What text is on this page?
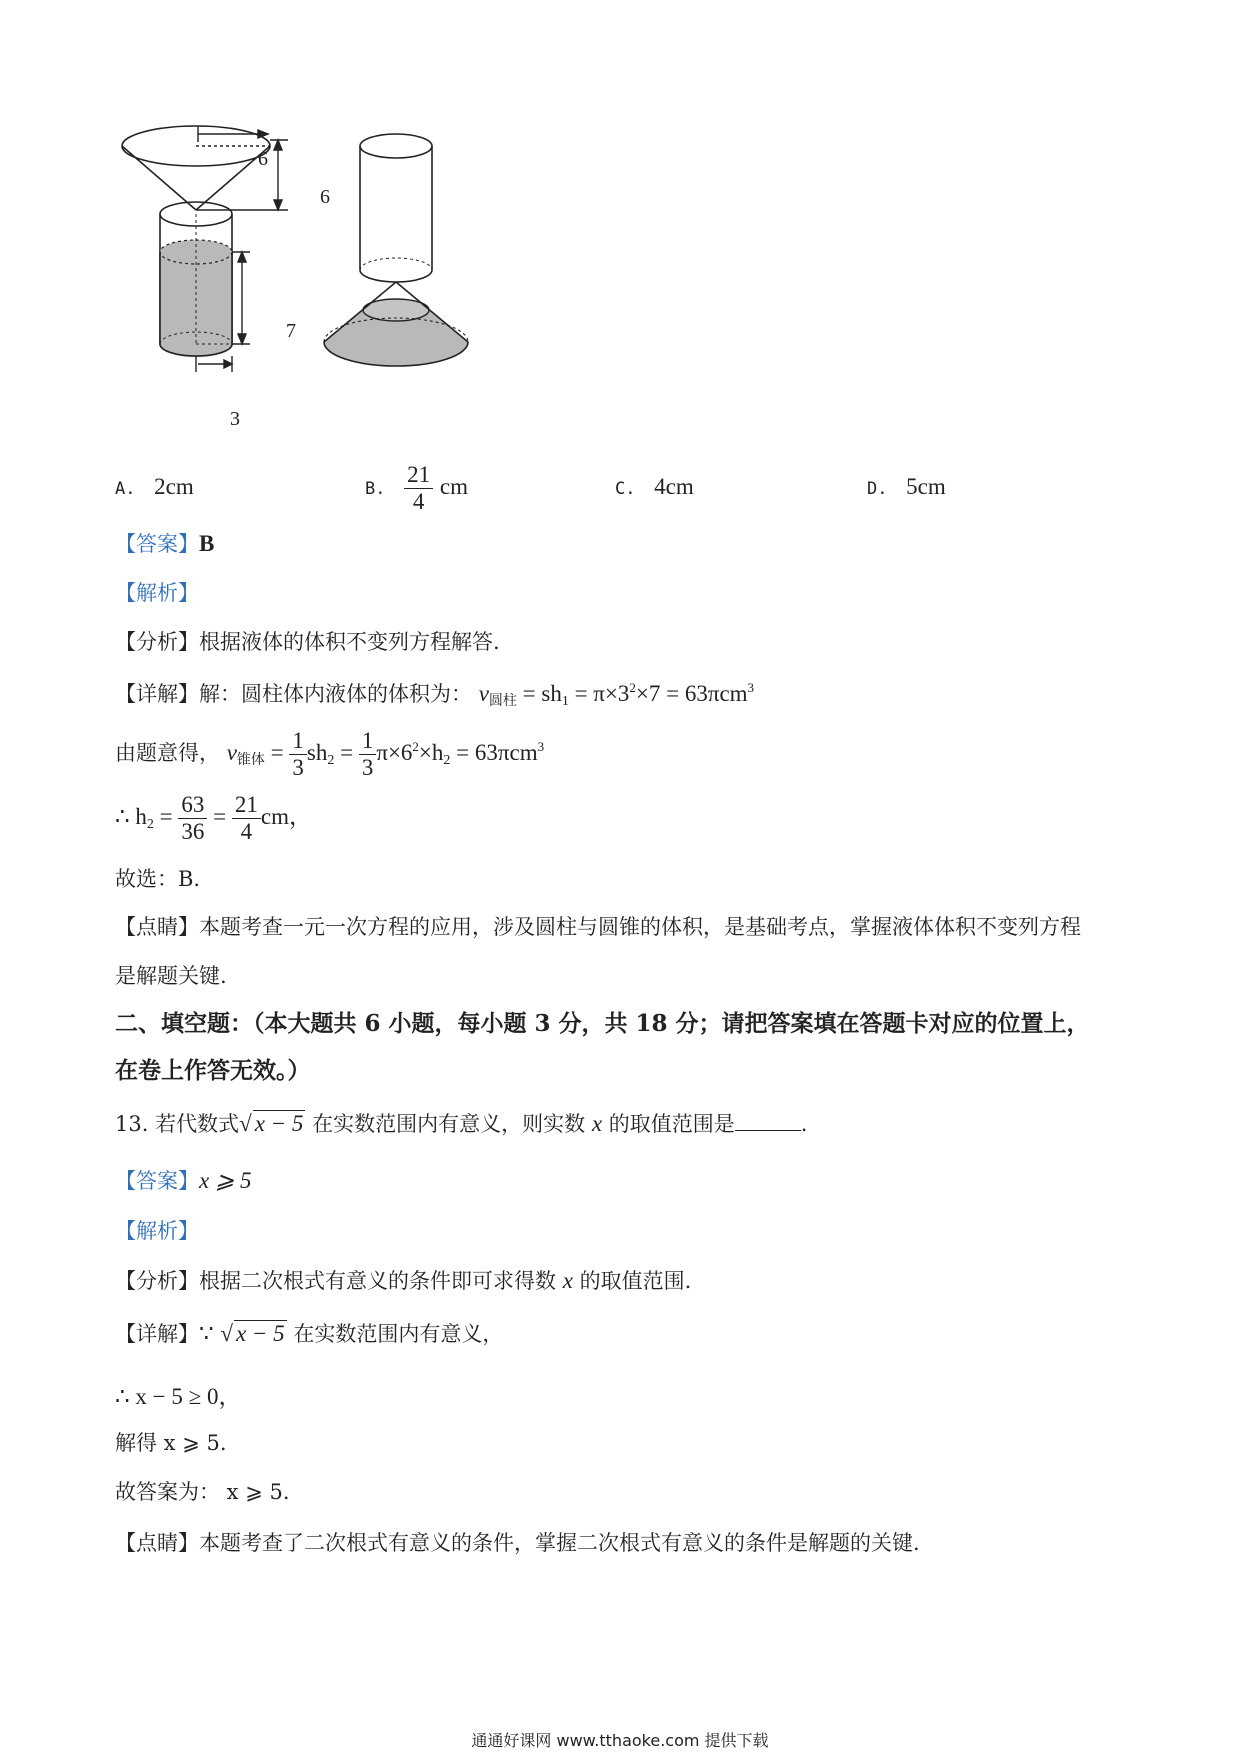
6
6
7
3
A. 2cm	B. $\frac{21}{4}$ cm	C. 4cm	D. 5cm
【答案】B
【解析】
【分析】根据液体的体积不变列方程解答.
【详解】解：圆柱体内液体的体积为： $v_{圆柱} = sh_1 = \pi\times 3^2\times 7 = 63\pi cm^3$
由题意得， $v_{锥体} = \frac{1}{3} sh_2 = \frac{1}{3} \pi\times 6^2\times h_2 = 63\pi cm^3$
∴ $h_2 = \frac{63}{36} = \frac{21}{4}$ cm，
故选：B.
【点睛】本题考查一元一次方程的应用，涉及圆柱与圆锥的体积，是基础考点，掌握液体体积不变列方程
是解题关键.
二、填空题：（本大题共 6 小题，每小题 3 分，共 18 分；请把答案填在答题卡对应的位置上，
在卷上作答无效。）
13. 若代数式√ x − 5 在实数范围内有意义，则实数 x 的取值范围是	.
【答案】x ⩾ 5
【解析】
【分析】根据二次根式有意义的条件即可求得数 x 的取值范围.
【详解】∵ √ x − 5 在实数范围内有意义，
∴ x − 5 ≥ 0，
解得 x ⩾ 5.
故答案为： x ⩾ 5.
【点睛】本题考查了二次根式有意义的条件，掌握二次根式有意义的条件是解题的关键.
通通好课网 www.tthaoke.com 提供下载
